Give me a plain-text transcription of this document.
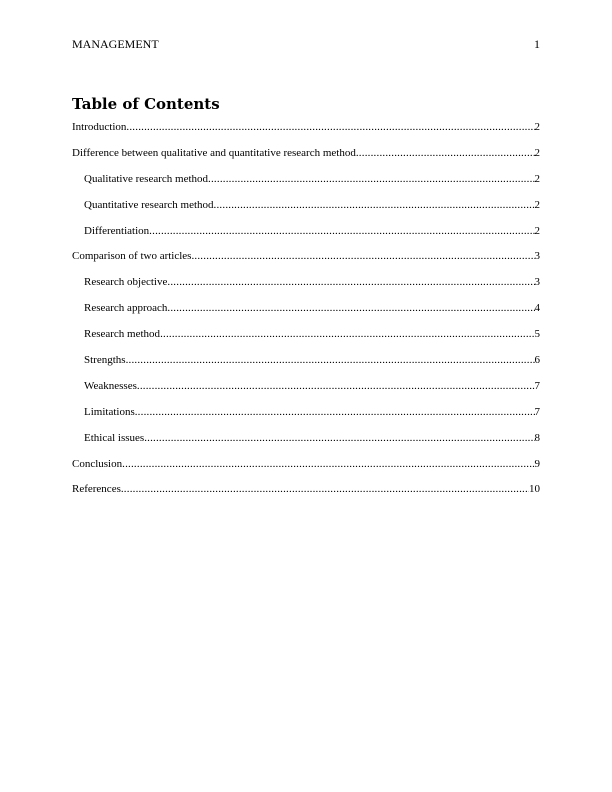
MANAGEMENT	1
Table of Contents
Introduction .....	2
Difference between qualitative and quantitative research method .....	2
Qualitative research method .....	2
Quantitative research method .....	2
Differentiation .....	2
Comparison of two articles .....	3
Research objective .....	3
Research approach .....	4
Research method .....	5
Strengths .....	6
Weaknesses .....	7
Limitations .....	7
Ethical issues .....	8
Conclusion .....	9
References .....	10
